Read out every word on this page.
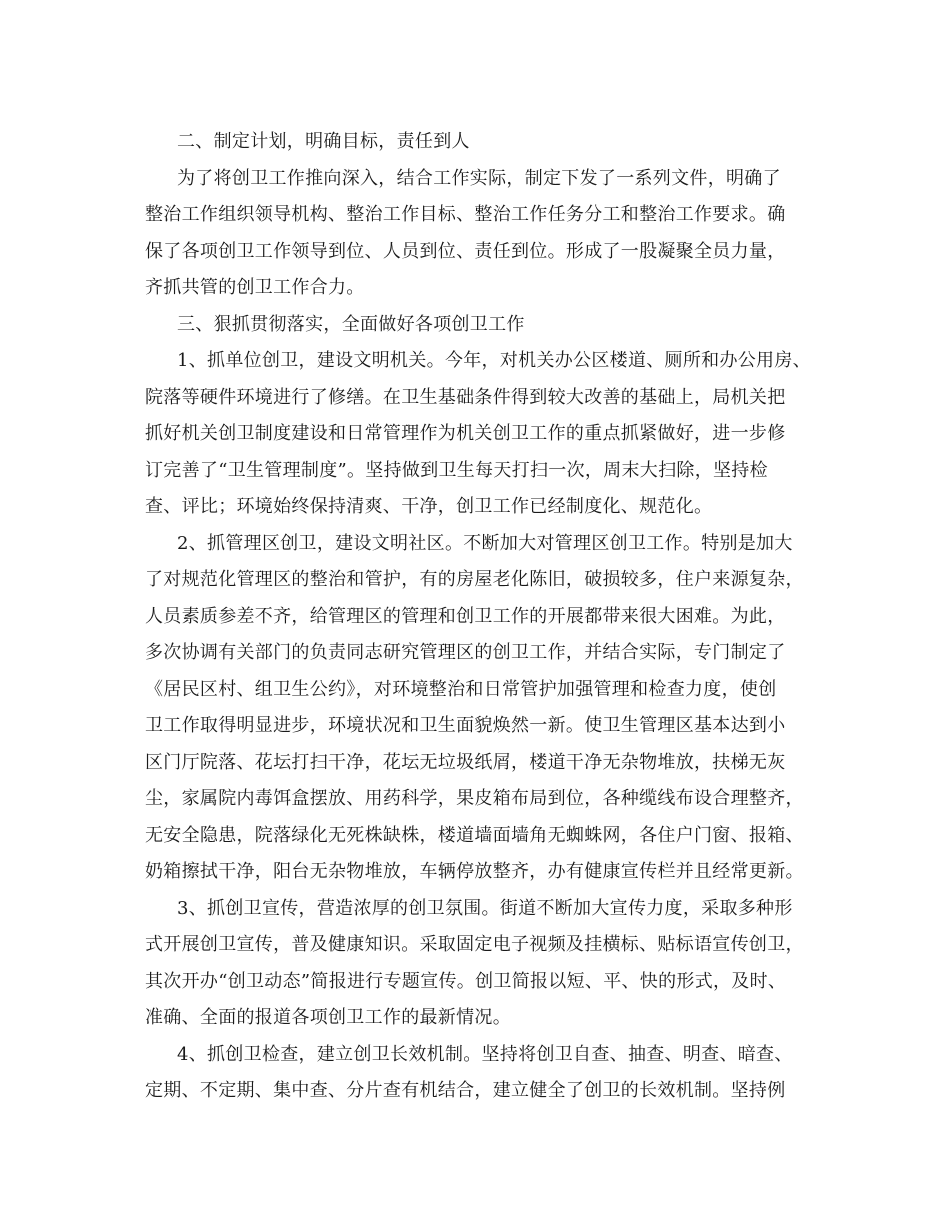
二、制定计划，明确目标，责任到人
为了将创卫工作推向深入，结合工作实际，制定下发了一系列文件，明确了
整治工作组织领导机构、整治工作目标、整治工作任务分工和整治工作要求。确
保了各项创卫工作领导到位、人员到位、责任到位。形成了一股凝聚全员力量，
齐抓共管的创卫工作合力。
三、狠抓贯彻落实，全面做好各项创卫工作
1、抓单位创卫，建设文明机关。今年，对机关办公区楼道、厕所和办公用房、
院落等硬件环境进行了修缮。在卫生基础条件得到较大改善的基础上，局机关把
抓好机关创卫制度建设和日常管理作为机关创卫工作的重点抓紧做好，进一步修
订完善了“卫生管理制度”。坚持做到卫生每天打扫一次，周末大扫除，坚持检
查、评比；环境始终保持清爽、干净，创卫工作已经制度化、规范化。
2、抓管理区创卫，建设文明社区。不断加大对管理区创卫工作。特别是加大
了对规范化管理区的整治和管护，有的房屋老化陈旧，破损较多，住户来源复杂，
人员素质参差不齐，给管理区的管理和创卫工作的开展都带来很大困难。为此，
多次协调有关部门的负责同志研究管理区的创卫工作，并结合实际，专门制定了
《居民区村、组卫生公约》，对环境整治和日常管护加强管理和检查力度，使创
卫工作取得明显进步，环境状况和卫生面貌焕然一新。使卫生管理区基本达到小
区门厅院落、花坛打扫干净，花坛无垃圾纸屑，楼道干净无杂物堆放，扶梯无灰
尘，家属院内毒饵盒摆放、用药科学，果皮箱布局到位，各种缆线布设合理整齐，
无安全隐患，院落绿化无死株缺株，楼道墙面墙角无蜘蛛网，各住户门窗、报箱、
奶箱擦拭干净，阳台无杂物堆放，车辆停放整齐，办有健康宣传栏并且经常更新。
3、抓创卫宣传，营造浓厚的创卫氛围。街道不断加大宣传力度，采取多种形
式开展创卫宣传，普及健康知识。采取固定电子视频及挂横标、贴标语宣传创卫，
其次开办“创卫动态”简报进行专题宣传。创卫简报以短、平、快的形式，及时、
准确、全面的报道各项创卫工作的最新情况。
4、抓创卫检查，建立创卫长效机制。坚持将创卫自查、抽查、明查、暗查、
定期、不定期、集中查、分片查有机结合，建立健全了创卫的长效机制。坚持例
